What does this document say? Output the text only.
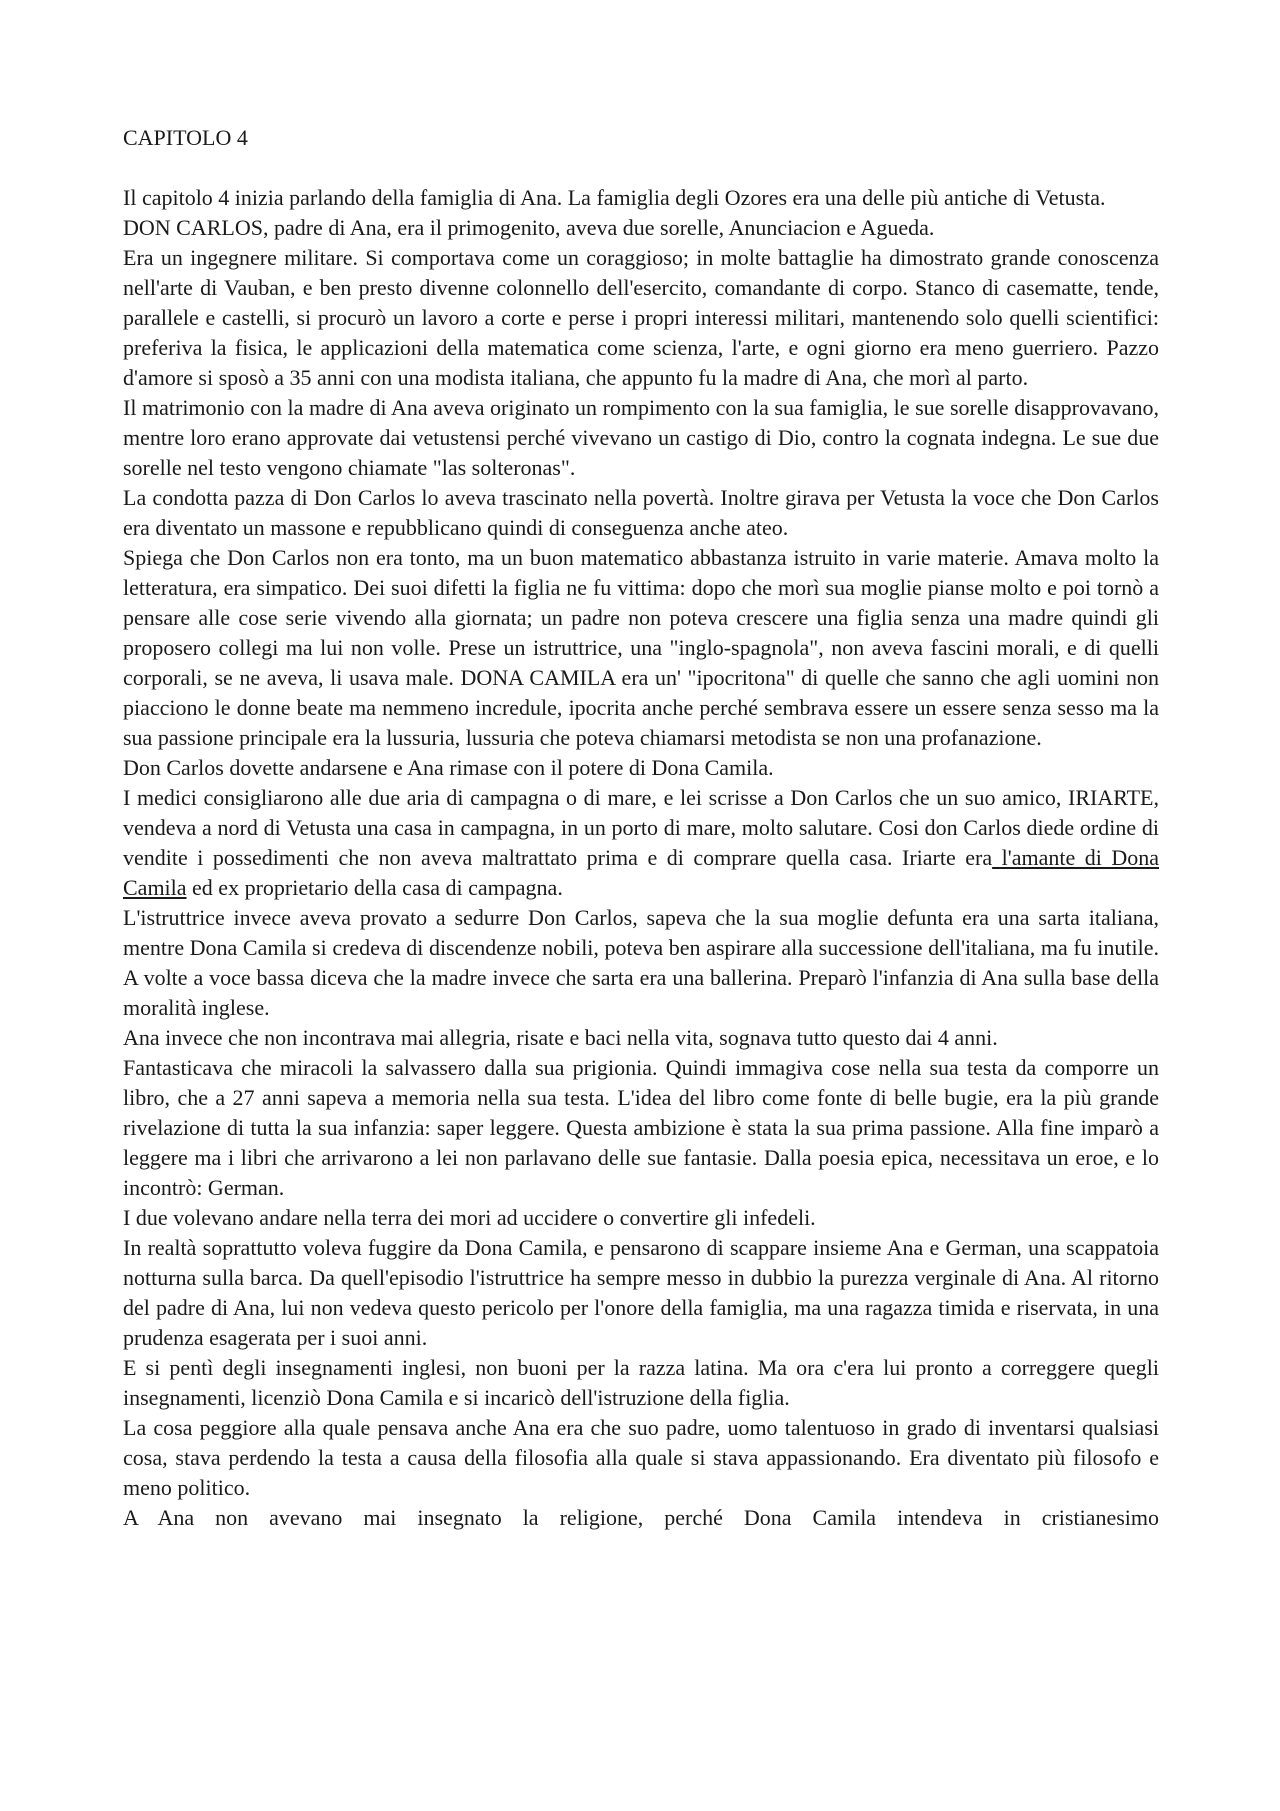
CAPITOLO 4

Il capitolo 4 inizia parlando della famiglia di Ana. La famiglia degli Ozores era una delle più antiche di Vetusta.

DON CARLOS, padre di Ana, era il primogenito, aveva due sorelle, Anunciacion e Agueda.

Era un ingegnere militare. Si comportava come un coraggioso; in molte battaglie ha dimostrato grande conoscenza nell'arte di Vauban, e ben presto divenne colonnello dell'esercito, comandante di corpo. Stanco di casematte, tende, parallele e castelli, si procurò un lavoro a corte e perse i propri interessi militari, mantenendo solo quelli scientifici: preferiva la fisica, le applicazioni della matematica come scienza, l'arte, e ogni giorno era meno guerriero. Pazzo d'amore si sposò a 35 anni con una modista italiana, che appunto fu la madre di Ana, che morì al parto.

Il matrimonio con la madre di Ana aveva originato un rompimento con la sua famiglia, le sue sorelle disapprovavano, mentre loro erano approvate dai vetustensi perché vivevano un castigo di Dio, contro la cognata indegna. Le sue due sorelle nel testo vengono chiamate "las solteronas".

La condotta pazza di Don Carlos lo aveva trascinato nella povertà. Inoltre girava per Vetusta la voce che Don Carlos era diventato un massone e repubblicano quindi di conseguenza anche ateo.

Spiega che Don Carlos non era tonto, ma un buon matematico abbastanza istruito in varie materie. Amava molto la letteratura, era simpatico. Dei suoi difetti la figlia ne fu vittima: dopo che morì sua moglie pianse molto e poi tornò a pensare alle cose serie vivendo alla giornata; un padre non poteva crescere una figlia senza una madre quindi gli proposero collegi ma lui non volle. Prese un istruttrice, una "inglo-spagnola", non aveva fascini morali, e di quelli corporali, se ne aveva, li usava male. DONA CAMILA era un' "ipocritona" di quelle che sanno che agli uomini non piacciono le donne beate ma nemmeno incredule, ipocrita anche perché sembrava essere un essere senza sesso ma la sua passione principale era la lussuria, lussuria che poteva chiamarsi metodista se non una profanazione.

Don Carlos dovette andarsene e Ana rimase con il potere di Dona Camila.

I medici consigliarono alle due aria di campagna o di mare, e lei scrisse a Don Carlos che un suo amico, IRIARTE, vendeva a nord di Vetusta una casa in campagna, in un porto di mare, molto salutare. Cosi don Carlos diede ordine di vendite i possedimenti che non aveva maltrattato prima e di comprare quella casa. Iriarte era l'amante di Dona Camila ed ex proprietario della casa di campagna.

L'istruttrice invece aveva provato a sedurre Don Carlos, sapeva che la sua moglie defunta era una sarta italiana, mentre Dona Camila si credeva di discendenze nobili, poteva ben aspirare alla successione dell'italiana, ma fu inutile. A volte a voce bassa diceva che la madre invece che sarta era una ballerina. Preparò l'infanzia di Ana sulla base della moralità inglese.

Ana invece che non incontrava mai allegria, risate e baci nella vita, sognava tutto questo dai 4 anni.

Fantasticava che miracoli la salvassero dalla sua prigionia. Quindi immagiva cose nella sua testa da comporre un libro, che a 27 anni sapeva a memoria nella sua testa. L'idea del libro come fonte di belle bugie, era la più grande rivelazione di tutta la sua infanzia: saper leggere. Questa ambizione è stata la sua prima passione. Alla fine imparò a leggere ma i libri che arrivarono a lei non parlavano delle sue fantasie. Dalla poesia epica, necessitava un eroe, e lo incontrò: German.

I due volevano andare nella terra dei mori ad uccidere o convertire gli infedeli.

In realtà soprattutto voleva fuggire da Dona Camila, e pensarono di scappare insieme Ana e German, una scappatoia notturna sulla barca. Da quell'episodio l'istruttrice ha sempre messo in dubbio la purezza verginale di Ana. Al ritorno del padre di Ana, lui non vedeva questo pericolo per l'onore della famiglia, ma una ragazza timida e riservata, in una prudenza esagerata per i suoi anni.

E si pentì degli insegnamenti inglesi, non buoni per la razza latina. Ma ora c'era lui pronto a correggere quegli insegnamenti, licenziò Dona Camila e si incaricò dell'istruzione della figlia.

La cosa peggiore alla quale pensava anche Ana era che suo padre, uomo talentuoso in grado di inventarsi qualsiasi cosa, stava perdendo la testa a causa della filosofia alla quale si stava appassionando. Era diventato più filosofo e meno politico.

A Ana non avevano mai insegnato la religione, perché Dona Camila intendeva in cristianesimo
